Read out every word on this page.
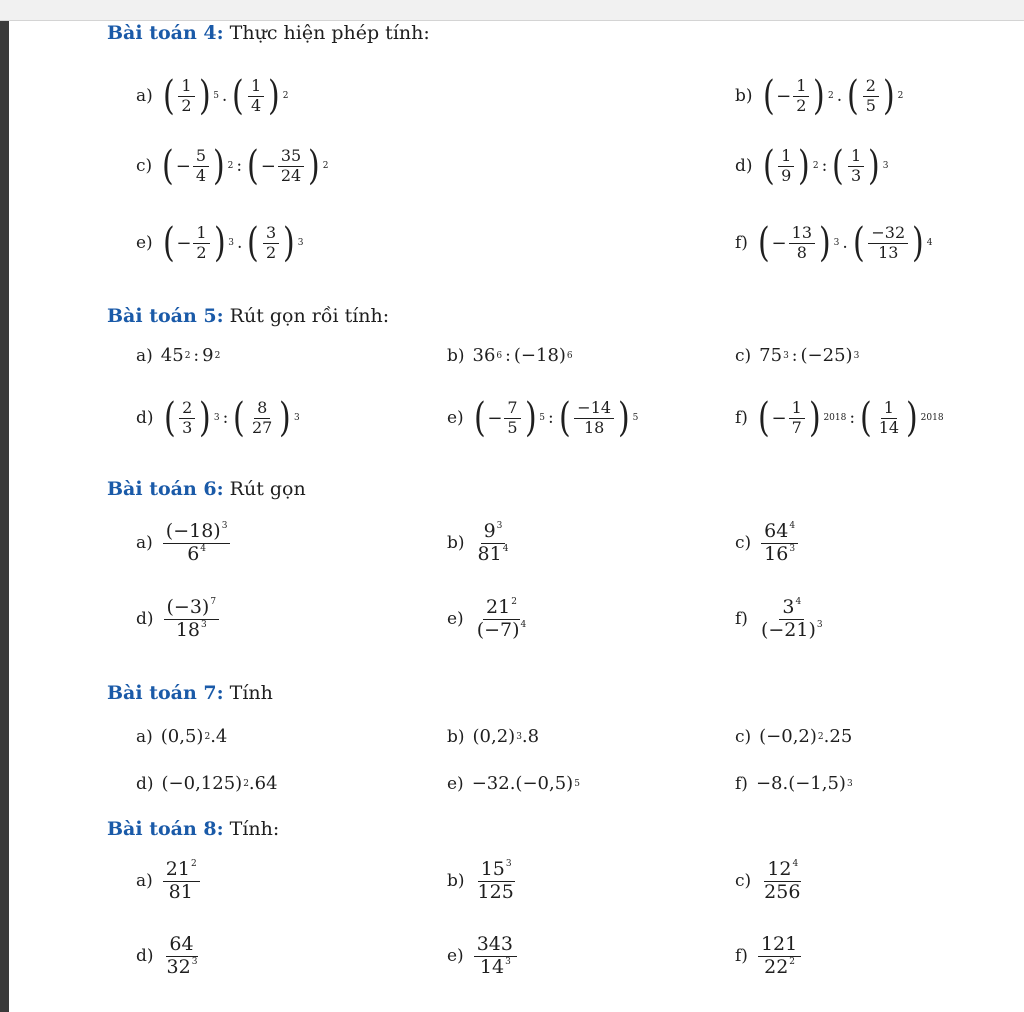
Bài toán 4: Thực hiện phép tính:
a) ( $\frac{1}{2}$ ) 5 . ( $\frac{1}{4}$ ) 2	b) ( − $\frac{1}{2}$ ) 2 . ( $\frac{2}{5}$ ) 2
c) ( − $\frac{5}{4}$ ) 2 : ( − $\frac{35}{24}$ ) 2	d) ( $\frac{1}{9}$ ) 2 : ( $\frac{1}{3}$ ) 3
e) ( − $\frac{1}{2}$ ) 3 . ( $\frac{3}{2}$ ) 3	f) ( − $\frac{13}{8}$ ) 3 . ( $\frac{-32}{13}$ ) 4
Bài toán 5: Rút gọn rồi tính:
a) 45 2 : 9 2	b) 36 6 : (−18) 6	c) 75 3 : (−25) 3
d) ( $\frac{2}{3}$ ) 3 : ( $\frac{8}{27}$ ) 3	e) ( − $\frac{7}{5}$ ) 5 : ( $\frac{-14}{18}$ ) 5	f) ( − $\frac{1}{7}$ ) 2018 : ( $\frac{1}{14}$ ) 2018
Bài toán 6: Rút gọn
$a) \frac{(-18)^3}{6^4}$	$b) \frac{9^3}{81^4}$	$c) \frac{64^4}{16^3}$
$d) \frac{(-3)^7}{18^3}$	$e) \frac{21^2}{(-7)^4}$	$f) \frac{3^4}{(-21)^3}$
Bài toán 7: Tính
a) (0,5) 2 .4	b) (0,2) 3 .8	c) (−0,2) 2 .25
d) (−0,125) 2 .64	e) −32. (−0,5) 5	f) −8. (−1,5) 3
Bài toán 8: Tính:
$a) \frac{21^2}{81}$	$b) \frac{15^3}{125}$	$c) \frac{12^4}{256}$
$d) \frac{64}{32^3}$	$e) \frac{343}{14^3}$	$f) \frac{121}{22^2}$
